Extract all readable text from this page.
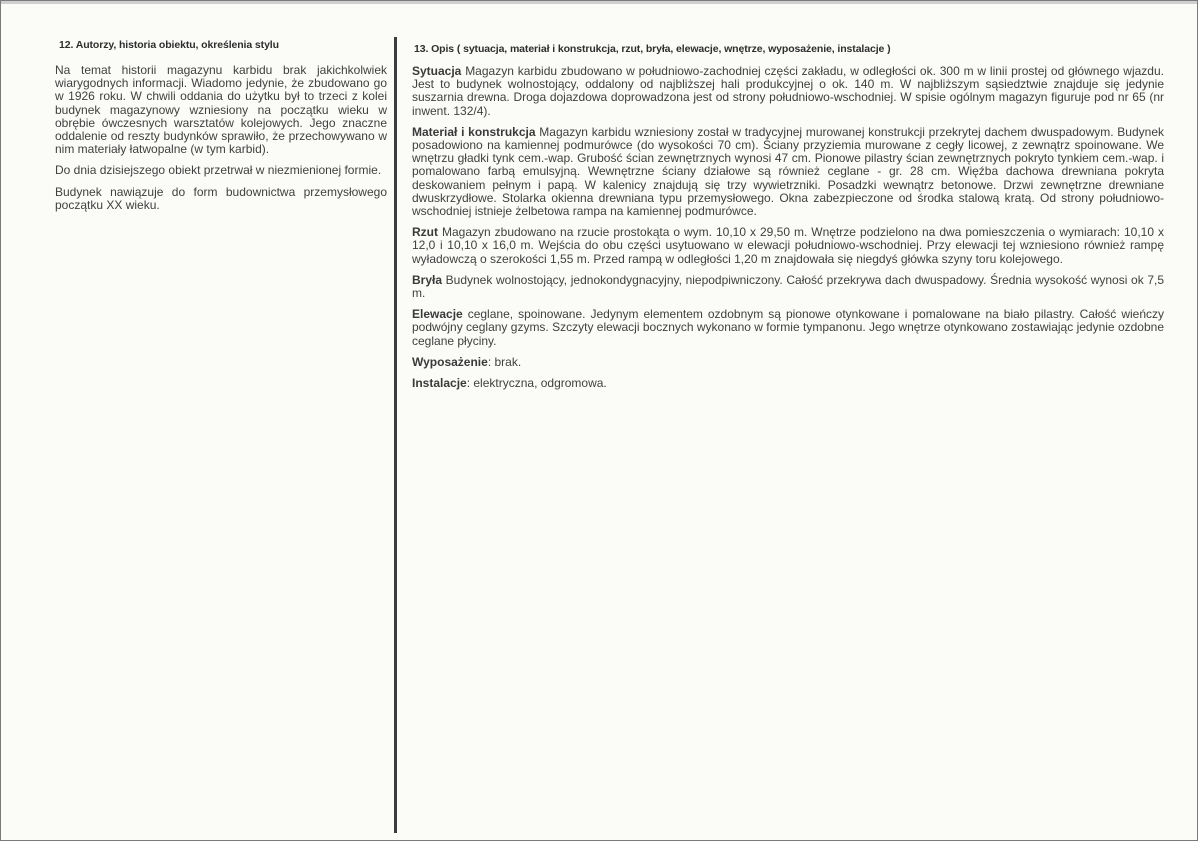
12. Autorzy, historia obiektu, określenia stylu

Na temat historii magazynu karbidu brak jakichkolwiek wiarygodnych informacji. Wiadomo jedynie, że zbudowano go w 1926 roku. W chwili oddania do użytku był to trzeci z kolei budynek magazynowy wzniesiony na początku wieku w obrębie ówczesnych warsztatów kolejowych. Jego znaczne oddalenie od reszty budynków sprawiło, że przechowywano w nim materiały łatwopalne (w tym karbid).

Do dnia dzisiejszego obiekt przetrwał w niezmienionej formie.

Budynek nawiązuje do form budownictwa przemysłowego początku XX wieku.

13. Opis ( sytuacja, materiał i konstrukcja, rzut, bryła, elewacje, wnętrze, wyposażenie, instalacje )

Sytuacja Magazyn karbidu zbudowano w południowo-zachodniej części zakładu, w odległości ok. 300 m w linii prostej od głównego wjazdu. Jest to budynek wolnostojący, oddalony od najbliższej hali produkcyjnej o ok. 140 m. W najbliższym sąsiedztwie znajduje się jedynie suszarnia drewna. Droga dojazdowa doprowadzona jest od strony południowo-wschodniej. W spisie ogólnym magazyn figuruje pod nr 65 (nr inwent. 132/4).

Materiał i konstrukcja Magazyn karbidu wzniesiony został w tradycyjnej murowanej konstrukcji przekrytej dachem dwuspadowym. Budynek posadowiono na kamiennej podmurówce (do wysokości 70 cm). Ściany przyziemia murowane z cegły licowej, z zewnątrz spoinowane. We wnętrzu gładki tynk cem.-wap. Grubość ścian zewnętrznych wynosi 47 cm. Pionowe pilastry ścian zewnętrznych pokryto tynkiem cem.-wap. i pomalowano farbą emulsyjną. Wewnętrzne ściany działowe są również ceglane - gr. 28 cm. Więźba dachowa drewniana pokryta deskowaniem pełnym i papą. W kalenicy znajdują się trzy wywietrzniki. Posadzki wewnątrz betonowe. Drzwi zewnętrzne drewniane dwuskrzydłowe. Stolarka okienna drewniana typu przemysłowego. Okna zabezpieczone od środka stalową kratą. Od strony południowo-wschodniej istnieje żelbetowa rampa na kamiennej podmurówce.

Rzut Magazyn zbudowano na rzucie prostokąta o wym. 10,10 x 29,50 m. Wnętrze podzielono na dwa pomieszczenia o wymiarach: 10,10 x 12,0 i 10,10 x 16,0 m. Wejścia do obu części usytuowano w elewacji południowo-wschodniej. Przy elewacji tej wzniesiono również rampę wyładowczą o szerokości 1,55 m. Przed rampą w odległości 1,20 m znajdowała się niegdyś główka szyny toru kolejowego.

Bryła Budynek wolnostojący, jednokondygnacyjny, niepodpiwniczony. Całość przekrywa dach dwuspadowy. Średnia wysokość wynosi ok 7,5 m.

Elewacje ceglane, spoinowane. Jedynym elementem ozdobnym są pionowe otynkowane i pomalowane na biało pilastry. Całość wieńczy podwójny ceglany gzyms. Szczyty elewacji bocznych wykonano w formie tympanonu. Jego wnętrze otynkowano zostawiając jedynie ozdobne ceglane płyciny.

Wyposażenie: brak.

Instalacje: elektryczna, odgromowa.
